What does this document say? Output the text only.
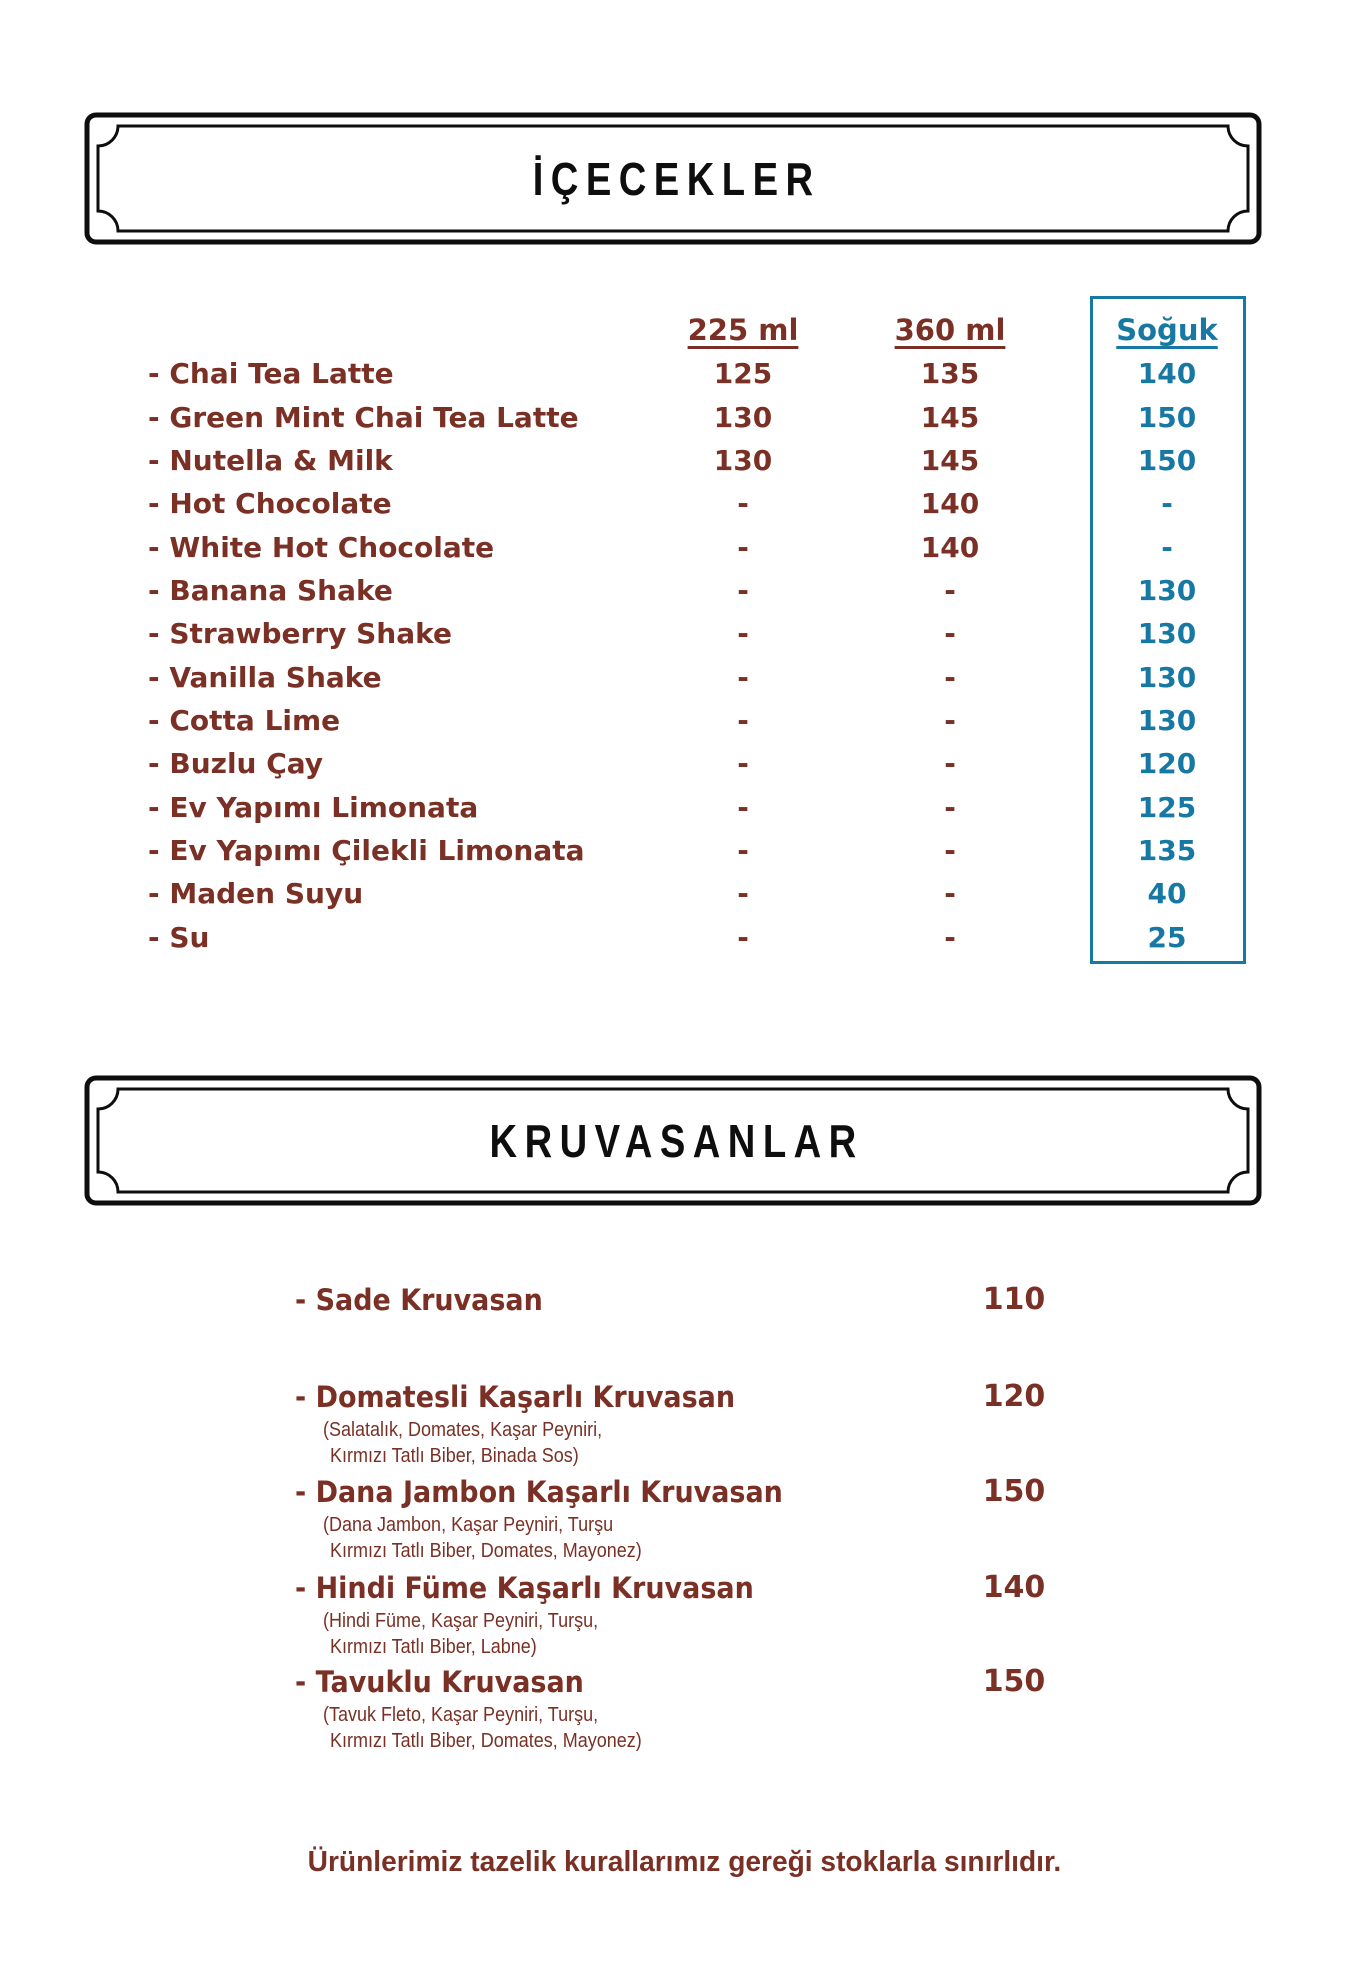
İÇECEKLER
225 ml	360 ml	Soğuk
- Chai Tea Latte	125	135	140
- Green Mint Chai Tea Latte	130	145	150
- Nutella & Milk	130	145	150
- Hot Chocolate	-	140	-
- White Hot Chocolate	-	140	-
- Banana Shake	-	-	130
- Strawberry Shake	-	-	130
- Vanilla Shake	-	-	130
- Cotta Lime	-	-	130
- Buzlu Çay	-	-	120
- Ev Yapımı Limonata	-	-	125
- Ev Yapımı Çilekli Limonata	-	-	135
- Maden Suyu	-	-	40
- Su	-	-	25
KRUVASANLAR
- Sade Kruvasan	110
- Domatesli Kaşarlı Kruvasan
(Salatalık, Domates, Kaşar Peyniri,
Kırmızı Tatlı Biber, Binada Sos)
120
- Dana Jambon Kaşarlı Kruvasan
(Dana Jambon, Kaşar Peyniri, Turşu
Kırmızı Tatlı Biber, Domates, Mayonez)
150
- Hindi Füme Kaşarlı Kruvasan
(Hindi Füme, Kaşar Peyniri, Turşu,
Kırmızı Tatlı Biber, Labne)
140
- Tavuklu Kruvasan
(Tavuk Fleto, Kaşar Peyniri, Turşu,
Kırmızı Tatlı Biber, Domates, Mayonez)
150
Ürünlerimiz tazelik kurallarımız gereği stoklarla sınırlıdır.
